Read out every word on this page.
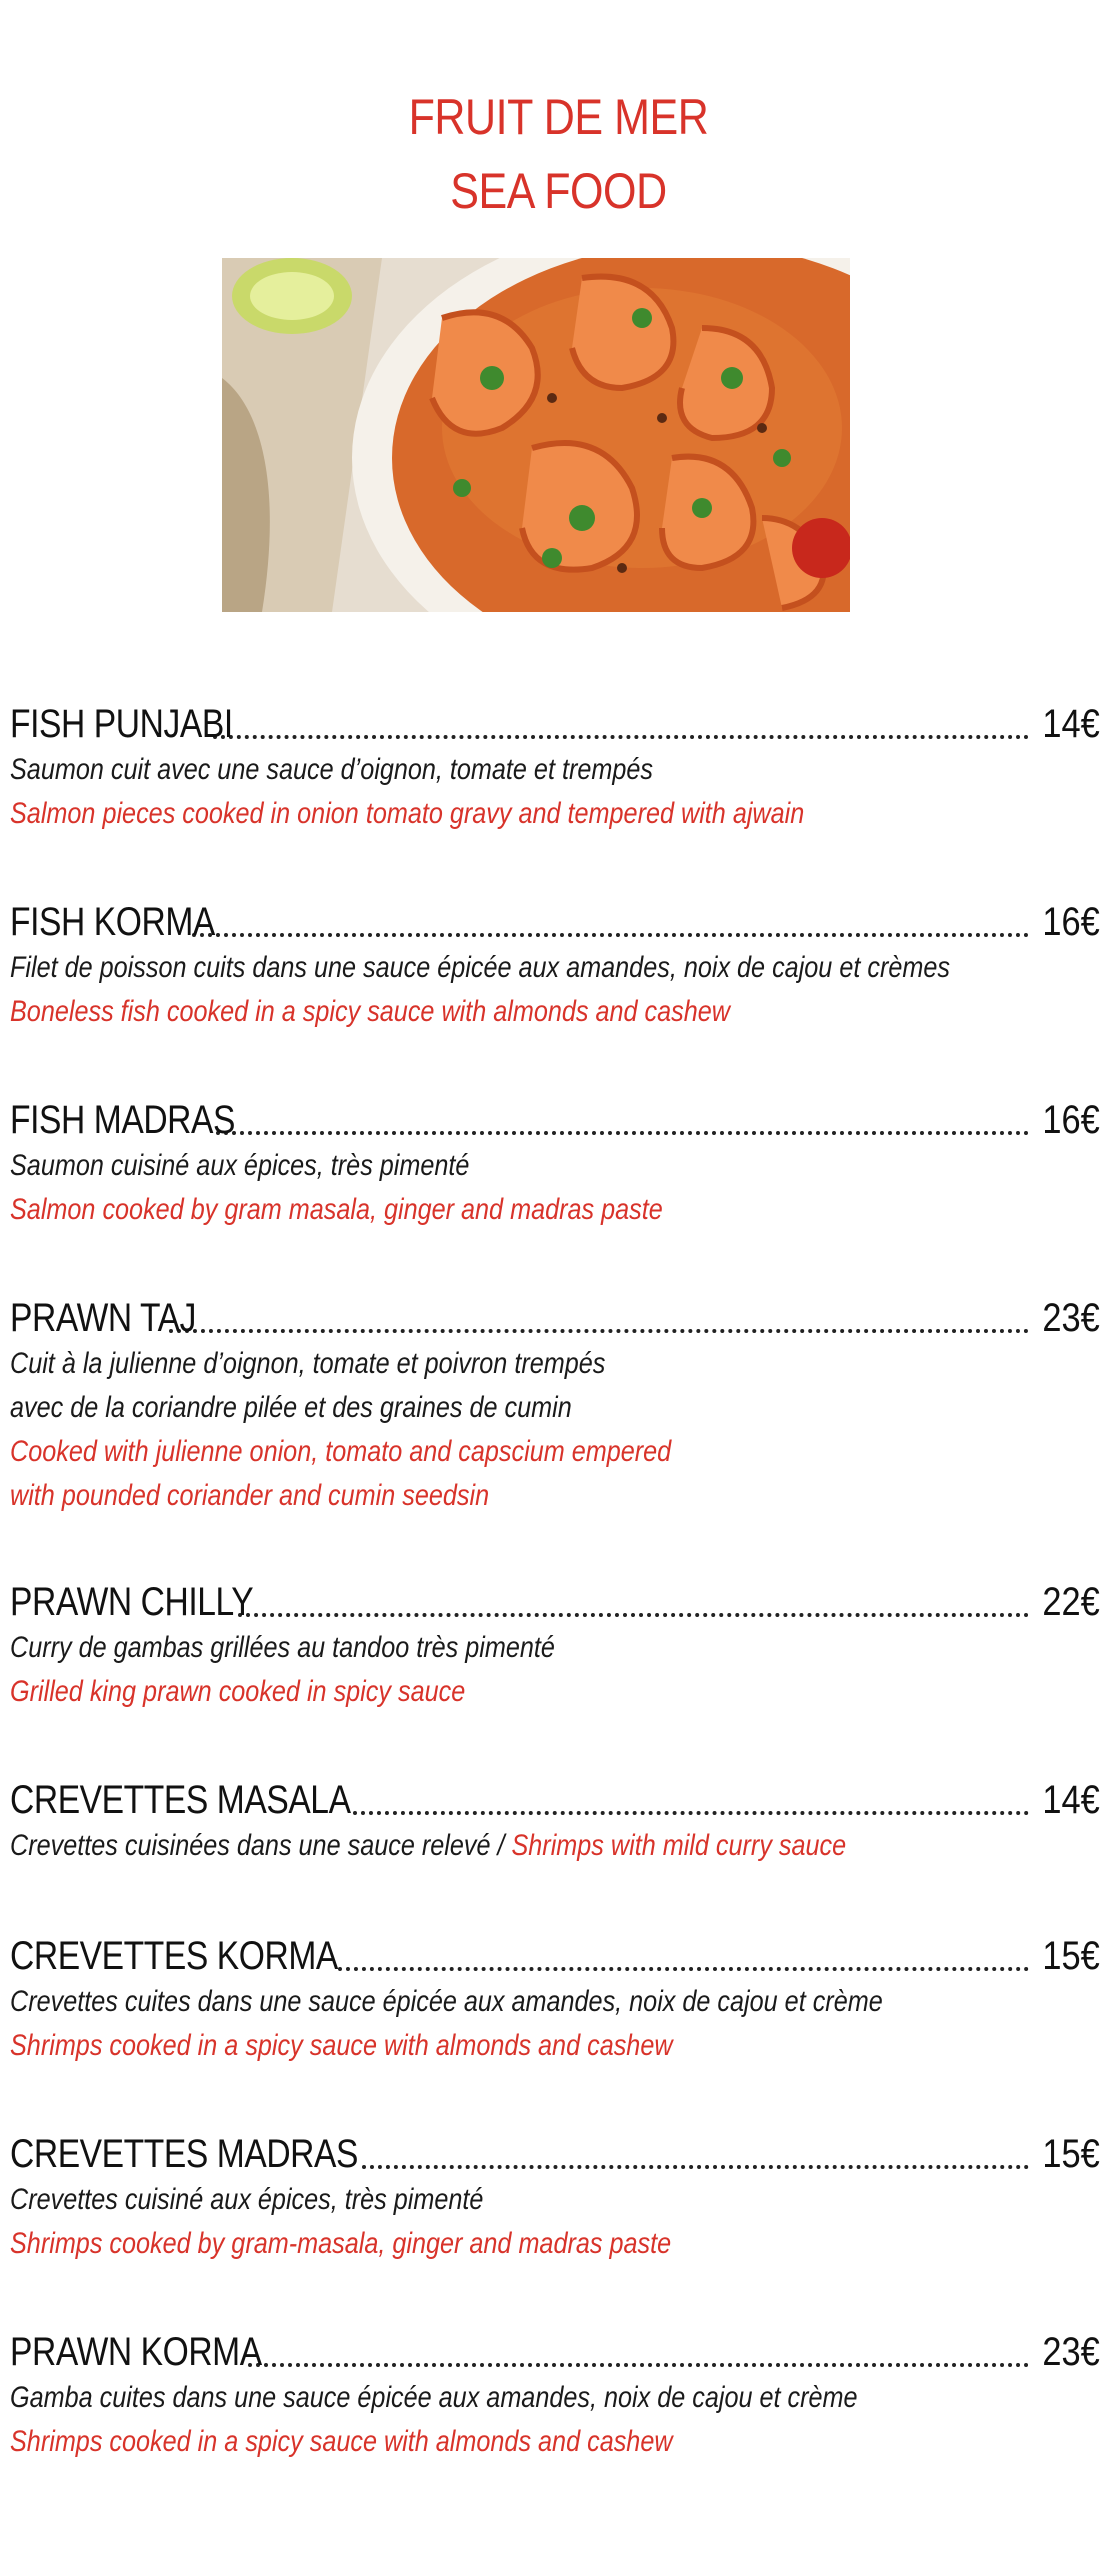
FRUIT DE MER
SEA FOOD
FISH PUNJABI	14€
Saumon cuit avec une sauce d’oignon, tomate et trempés
Salmon pieces cooked in onion tomato gravy and tempered with ajwain
FISH KORMA	16€
Filet de poisson cuits dans une sauce épicée aux amandes, noix de cajou et crèmes
Boneless fish cooked in a spicy sauce with almonds and cashew
FISH MADRAS	16€
Saumon cuisiné aux épices, très pimenté
Salmon cooked by gram masala, ginger and madras paste
PRAWN TAJ	23€
Cuit à la julienne d’oignon, tomate et poivron trempés
avec de la coriandre pilée et des graines de cumin
Cooked with julienne onion, tomato and capscium empered
with pounded coriander and cumin seedsin
PRAWN CHILLY	22€
Curry de gambas grillées au tandoo très pimenté
Grilled king prawn cooked in spicy sauce
CREVETTES MASALA	14€
Crevettes cuisinées dans une sauce relevé / Shrimps with mild curry sauce
CREVETTES KORMA	15€
Crevettes cuites dans une sauce épicée aux amandes, noix de cajou et crème
Shrimps cooked in a spicy sauce with almonds and cashew
CREVETTES MADRAS	15€
Crevettes cuisiné aux épices, très pimenté
Shrimps cooked by gram-masala, ginger and madras paste
PRAWN KORMA	23€
Gamba cuites dans une sauce épicée aux amandes, noix de cajou et crème
Shrimps cooked in a spicy sauce with almonds and cashew
